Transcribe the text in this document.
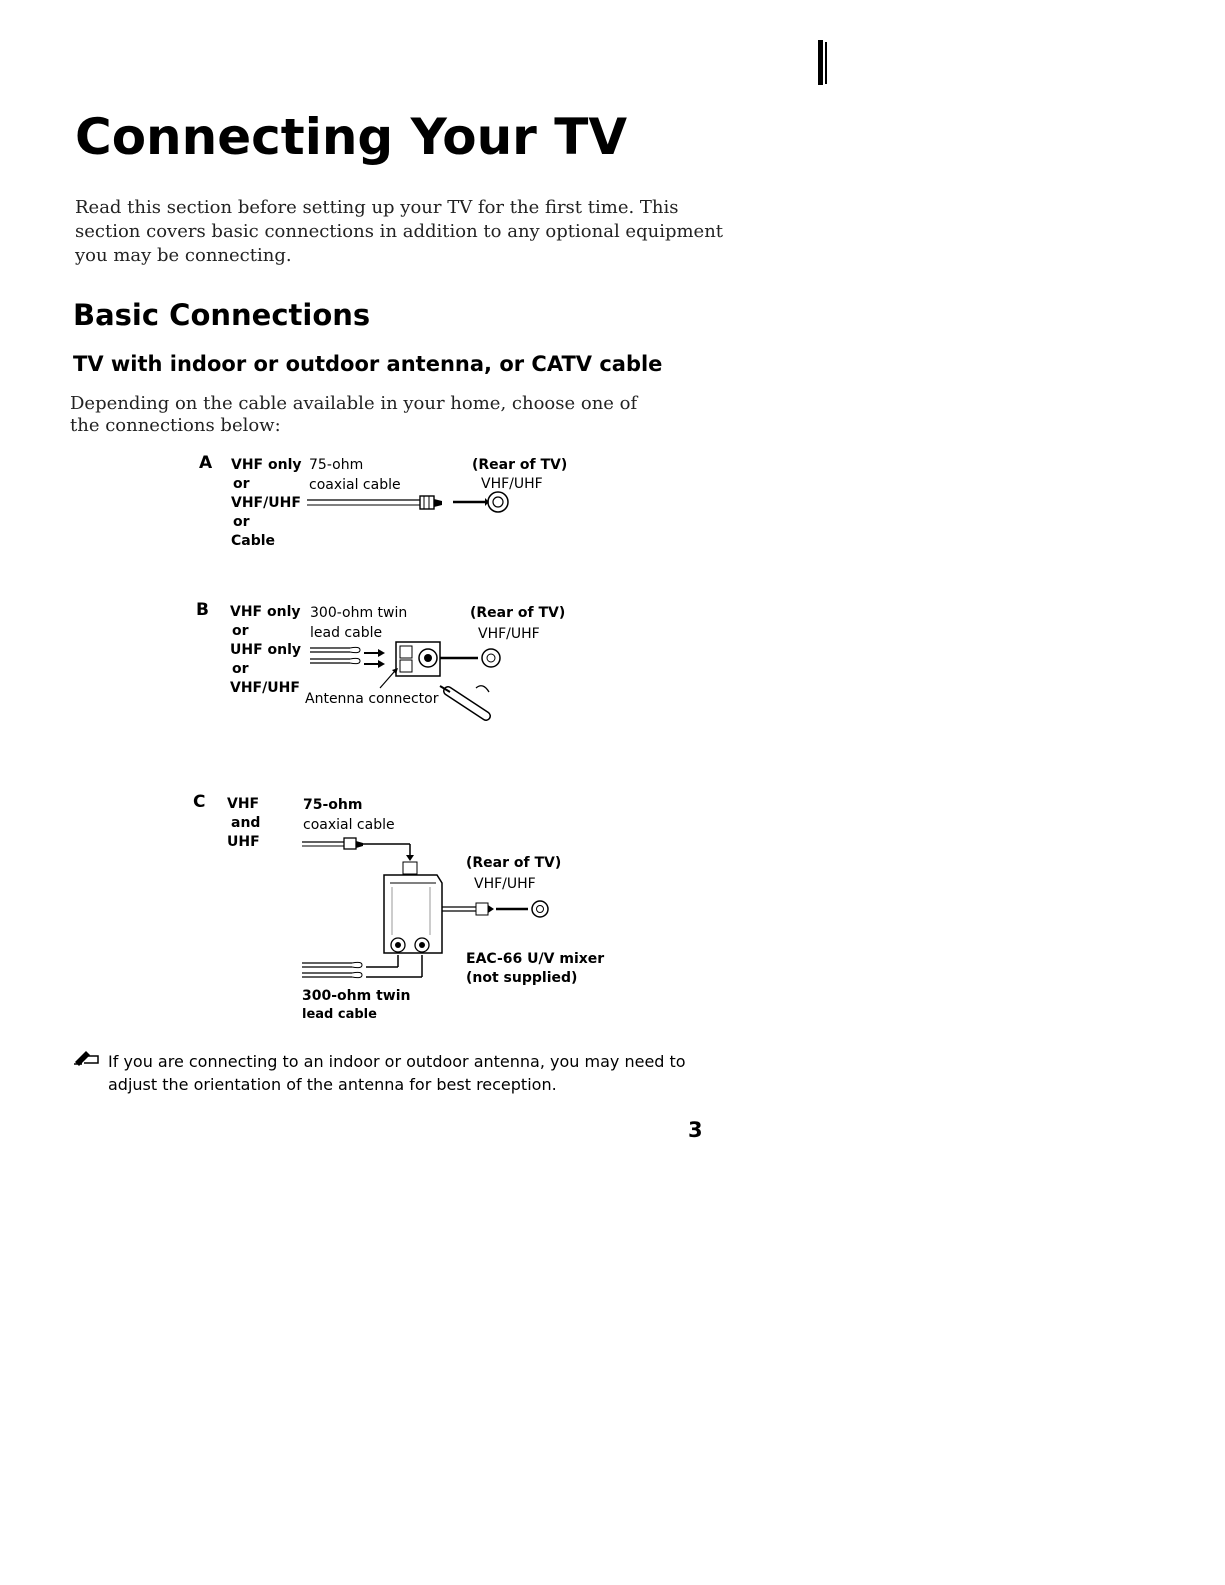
Connecting Your TV

Read this section before setting up your TV for the first time. This section covers basic connections in addition to any optional equipment you may be connecting.

Basic Connections
TV with indoor or outdoor antenna, or CATV cable

Depending on the cable available in your home, choose one of the connections below:

A VHF only
or
VHF/UHF
or
Cable
75-ohm
coaxial cable
(Rear of TV)
VHF/UHF
B VHF only
or
UHF only
or
VHF/UHF
300-ohm twin
lead cable
(Rear of TV)
VHF/UHF
Antenna connector
C VHF
and
UHF
75-ohm
coaxial cable
(Rear of TV)
VHF/UHF
EAC-66 U/V mixer
(not supplied)
300-ohm twin
lead cable

If you are connecting to an indoor or outdoor antenna, you may need to adjust the orientation of the antenna for best reception.

3
